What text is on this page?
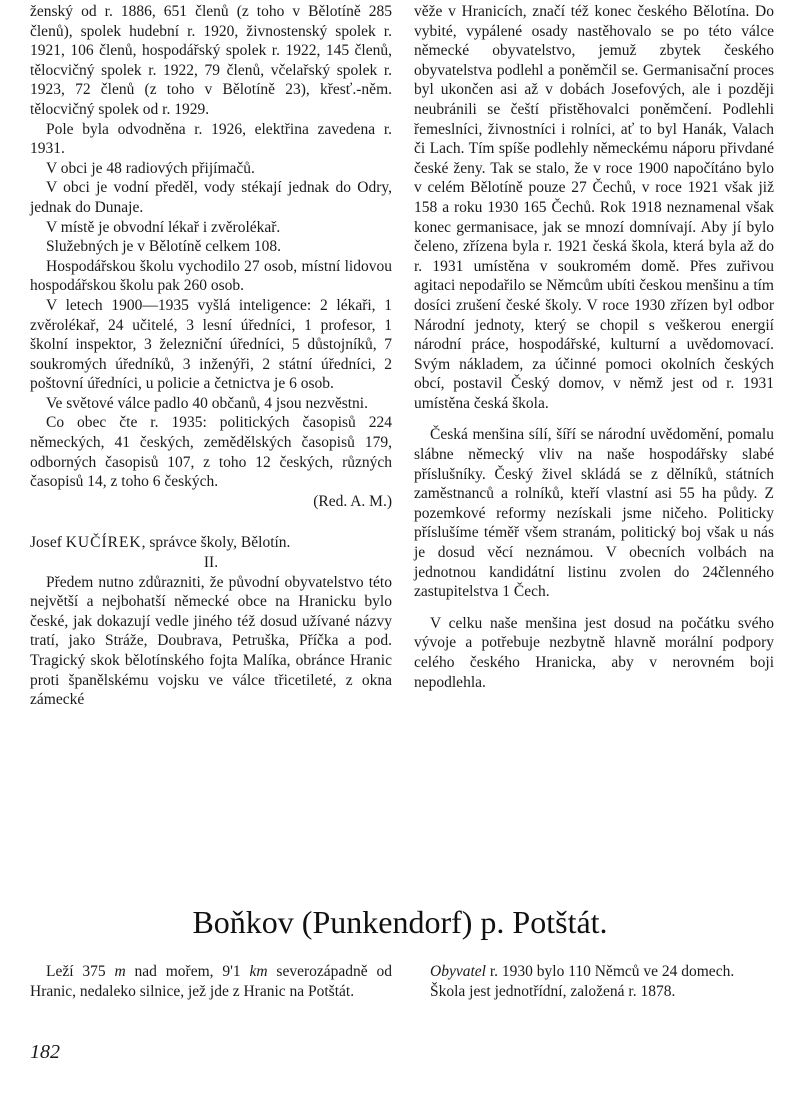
ženský od r. 1886, 651 členů (z toho v Bělotíně 285 členů), spolek hudební r. 1920, živnostenský spolek r. 1921, 106 členů, hospodářský spolek r. 1922, 145 členů, tělocvičný spolek r. 1922, 79 členů, včelařský spolek r. 1923, 72 členů (z toho v Bělotíně 23), křesť.-něm. tělocvičný spolek od r. 1929.

Pole byla odvodněna r. 1926, elektřina zavedena r. 1931.

V obci je 48 radiových přijímačů.

V obci je vodní předěl, vody stékají jednak do Odry, jednak do Dunaje.

V místě je obvodní lékař i zvěrolékař.

Služebných je v Bělotíně celkem 108.

Hospodářskou školu vychodilo 27 osob, místní lidovou hospodářskou školu pak 260 osob.

V letech 1900—1935 vyšlá inteligence: 2 lékaři, 1 zvěrolékař, 24 učitelé, 3 lesní úředníci, 1 profesor, 1 školní inspektor, 3 železniční úředníci, 5 důstojníků, 7 soukromých úředníků, 3 inženýři, 2 státní úředníci, 2 poštovní úředníci, u policie a četnictva je 6 osob.

Ve světové válce padlo 40 občanů, 4 jsou nezvěstni.

Co obec čte r. 1935: politických časopisů 224 německých, 41 českých, zemědělských časopisů 179, odborných časopisů 107, z toho 12 českých, různých časopisů 14, z toho 6 českých.

(Red. A. M.)

Josef KUČÍREK, správce školy, Bělotín.

II.

Předem nutno zdůrazniti, že původní obyvatelstvo této největší a nejbohatší německé obce na Hranicku bylo české, jak dokazují vedle jiného též dosud užívané názvy tratí, jako Stráže, Doubrava, Petruška, Příčka a pod. Tragický skok bělotínského fojta Malíka, obránce Hranic proti španělskému vojsku ve válce třicetileté, z okna zámecké

věže v Hranicích, značí též konec českého Bělotína. Do vybité, vypálené osady nastěhovalo se po této válce německé obyvatelstvo, jemuž zbytek českého obyvatelstva podlehl a poněmčil se. Germanisační proces byl ukončen asi až v dobách Josefových, ale i později neubránili se čeští přistěhovalci poněmčení. Podlehli řemeslníci, živnostníci i rolníci, ať to byl Hanák, Valach či Lach. Tím spíše podlehly německému náporu přivdané české ženy. Tak se stalo, že v roce 1900 napočítáno bylo v celém Bělotíně pouze 27 Čechů, v roce 1921 však již 158 a roku 1930 165 Čechů. Rok 1918 neznamenal však konec germanisace, jak se mnozí domnívají. Aby jí bylo čeleno, zřízena byla r. 1921 česká škola, která byla až do r. 1931 umístěna v soukromém domě. Přes zuřivou agitaci nepodařilo se Němcům ubíti českou menšinu a tím dosíci zrušení české školy. V roce 1930 zřízen byl odbor Národní jednoty, který se chopil s veškerou energií národní práce, hospodářské, kulturní a uvědomovací. Svým nákladem, za účinné pomoci okolních českých obcí, postavil Český domov, v němž jest od r. 1931 umístěna česká škola.

Česká menšina sílí, šíří se národní uvědomění, pomalu slábne německý vliv na naše hospodářsky slabé příslušníky. Český živel skládá se z dělníků, státních zaměstnanců a rolníků, kteří vlastní asi 55 ha půdy. Z pozemkové reformy nezískali jsme ničeho. Politicky příslušíme téměř všem stranám, politický boj však u nás je dosud věcí neznámou. V obecních volbách na jednotnou kandidátní listinu zvolen do 24členného zastupitelstva 1 Čech.

V celku naše menšina jest dosud na počátku svého vývoje a potřebuje nezbytně hlavně morální podpory celého českého Hranicka, aby v nerovném boji nepodlehla.

Boňkov (Punkendorf) p. Potštát.

Leží 375 m nad mořem, 9'1 km severozápadně od Hranic, nedaleko silnice, jež jde z Hranic na Potštát.

Obyvatel r. 1930 bylo 110 Němců ve 24 domech.

Škola jest jednotřídní, založená r. 1878.

182
